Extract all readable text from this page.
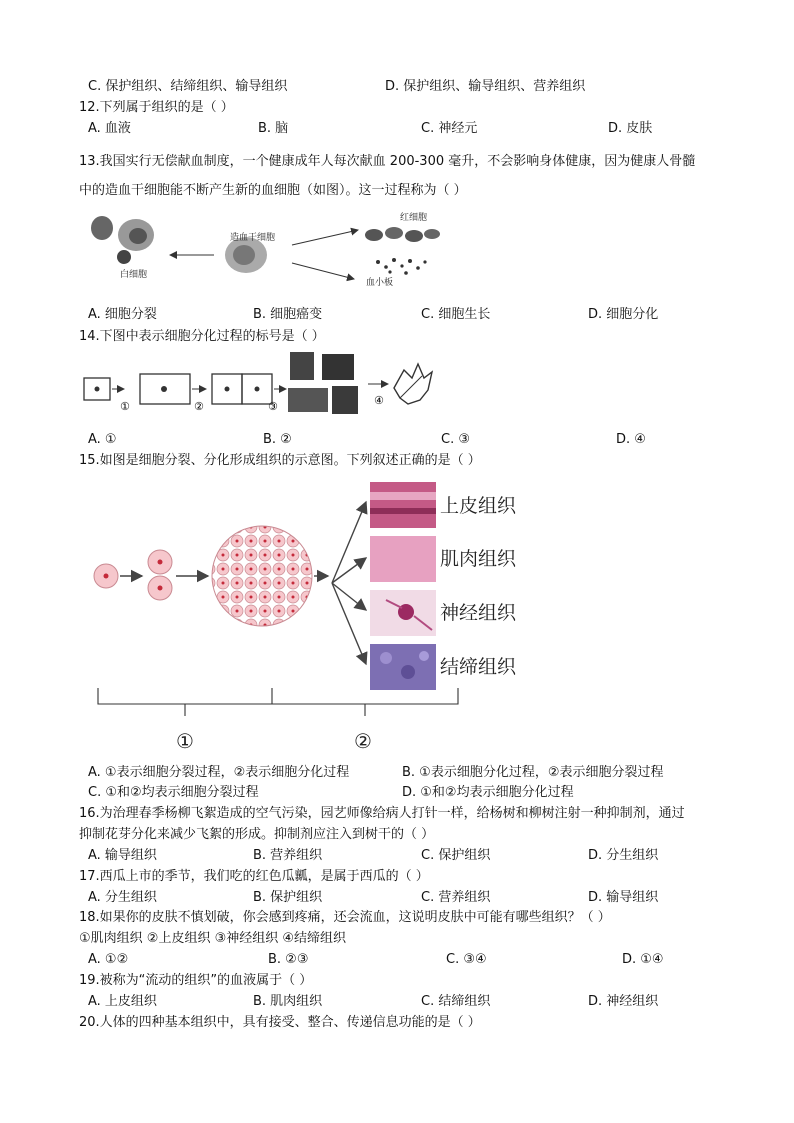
C. 保护组织、结缔组织、输导组织	D. 保护组织、输导组织、营养组织
12.下列属于组织的是（ ）
A. 血液	B. 脑	C. 神经元	D. 皮肤
13.我国实行无偿献血制度，一个健康成年人每次献血 200-300 毫升，不会影响身体健康，因为健康人骨髓
中的造血干细胞能不断产生新的血细胞（如图）。这一过程称为（ ）
白细胞
造血干细胞
红细胞
血小板
A. 细胞分裂	B. 细胞癌变	C. 细胞生长	D. 细胞分化
14.下图中表示细胞分化过程的标号是（ ）
①	②	③	④
A. ①	B. ②	C. ③	D. ④
15.如图是细胞分裂、分化形成组织的示意图。下列叙述正确的是（ ）
上皮组织
肌肉组织
神经组织
结缔组织
①	②
A. ①表示细胞分裂过程，②表示细胞分化过程	B. ①表示细胞分化过程，②表示细胞分裂过程
C. ①和②均表示细胞分裂过程	D. ①和②均表示细胞分化过程
16.为治理春季杨柳飞絮造成的空气污染，园艺师像给病人打针一样，给杨树和柳树注射一种抑制剂，通过
抑制花芽分化来减少飞絮的形成。抑制剂应注入到树干的（ ）
A. 输导组织	B. 营养组织	C. 保护组织	D. 分生组织
17.西瓜上市的季节，我们吃的红色瓜瓤，是属于西瓜的（ ）
A. 分生组织	B. 保护组织	C. 营养组织	D. 输导组织
18.如果你的皮肤不慎划破，你会感到疼痛，还会流血，这说明皮肤中可能有哪些组织？（ ）
①肌肉组织 ②上皮组织 ③神经组织 ④结缔组织
A. ①②	B. ②③	C. ③④	D. ①④
19.被称为“流动的组织”的血液属于（ ）
A. 上皮组织	B. 肌肉组织	C. 结缔组织	D. 神经组织
20.人体的四种基本组织中，具有接受、整合、传递信息功能的是（ ）
